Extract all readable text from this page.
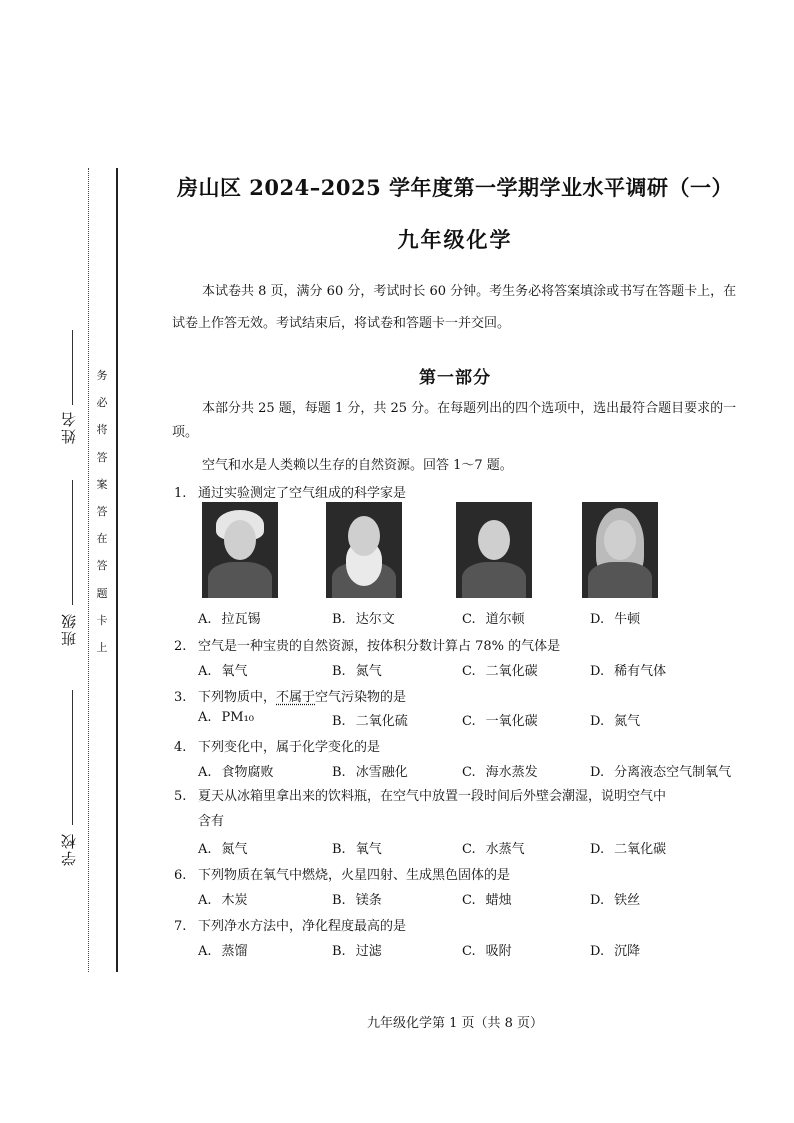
姓名
班级
学校
务
必
将
答
案
答
在
答
题
卡
上
房山区 2024–2025 学年度第一学期学业水平调研（一）
九年级化学
本试卷共 8 页，满分 60 分，考试时长 60 分钟。考生务必将答案填涂或书写在答题卡上，在试卷上作答无效。考试结束后，将试卷和答题卡一并交回。
第一部分
本部分共 25 题，每题 1 分，共 25 分。在每题列出的四个选项中，选出最符合题目要求的一项。
空气和水是人类赖以生存的自然资源。回答 1～7 题。
1. 通过实验测定了空气组成的科学家是
A. 拉瓦锡	B. 达尔文	C. 道尔顿	D. 牛顿
2. 空气是一种宝贵的自然资源，按体积分数计算占 78% 的气体是
A. 氧气	B. 氮气	C. 二氧化碳	D. 稀有气体
3. 下列物质中，不属于空气污染物的是
A. PM₁₀	B. 二氧化硫	C. 一氧化碳	D. 氮气
4. 下列变化中，属于化学变化的是
A. 食物腐败	B. 冰雪融化	C. 海水蒸发	D. 分离液态空气制氧气
5. 夏天从冰箱里拿出来的饮料瓶，在空气中放置一段时间后外壁会潮湿，说明空气中
含有
A. 氮气	B. 氧气	C. 水蒸气	D. 二氧化碳
6. 下列物质在氧气中燃烧，火星四射、生成黑色固体的是
A. 木炭	B. 镁条	C. 蜡烛	D. 铁丝
7. 下列净水方法中，净化程度最高的是
A. 蒸馏	B. 过滤	C. 吸附	D. 沉降
九年级化学第 1 页（共 8 页）
